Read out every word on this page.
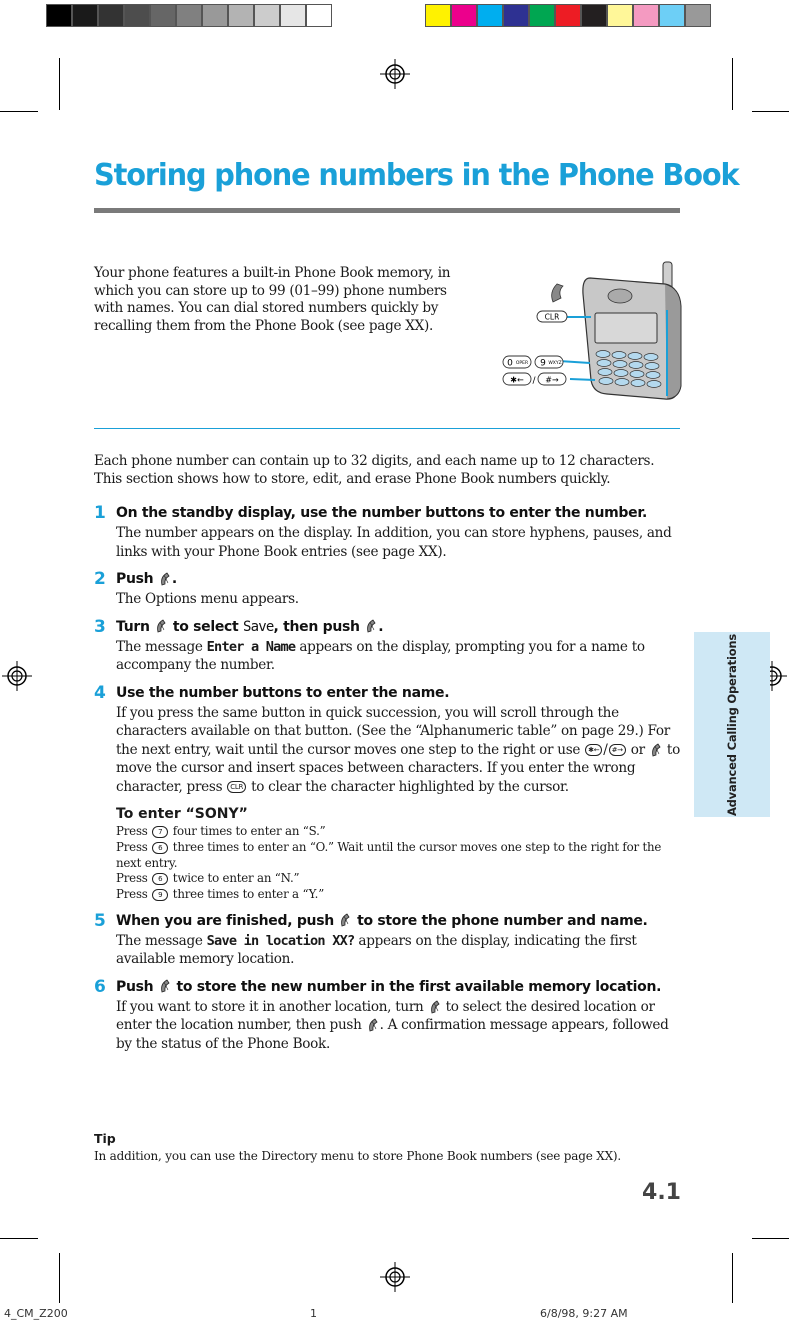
Storing phone numbers in the Phone Book

Your phone features a built-in Phone Book memory, in which you can store up to 99 (01–99) phone numbers with names. You can dial stored numbers quickly by recalling them from the Phone Book (see page XX).

CLR
0 OPER 9 WXYZ
✱← / #→

Each phone number can contain up to 32 digits, and each name up to 12 characters. This section shows how to store, edit, and erase Phone Book numbers quickly.

1 On the standby display, use the number buttons to enter the number.
The number appears on the display. In addition, you can store hyphens, pauses, and links with your Phone Book entries (see page XX).
2 Push .
The Options menu appears.
3 Turn to select Save, then push .
The message Enter a Name appears on the display, prompting you for a name to accompany the number.
4 Use the number buttons to enter the name.
If you press the same button in quick succession, you will scroll through the characters available on that button. (See the “Alphanumeric table” on page 29.) For the next entry, wait until the cursor moves one step to the right or use ✱← / #→ or to move the cursor and insert spaces between characters. If you enter the wrong character, press CLR to clear the character highlighted by the cursor.
To enter “SONY”
Press 7 four times to enter an “S.”
Press 6 three times to enter an “O.” Wait until the cursor moves one step to the right for the next entry.
Press 6 twice to enter an “N.”
Press 9 three times to enter a “Y.”
5 When you are finished, push to store the phone number and name.
The message Save in location XX? appears on the display, indicating the first available memory location.
6 Push to store the new number in the first available memory location.
If you want to store it in another location, turn to select the desired location or enter the location number, then push . A confirmation message appears, followed by the status of the Phone Book.
Tip
In addition, you can use the Directory menu to store Phone Book numbers (see page XX).
4.1
Advanced Calling Operations
4_CM_Z200	1	6/8/98, 9:27 AM
